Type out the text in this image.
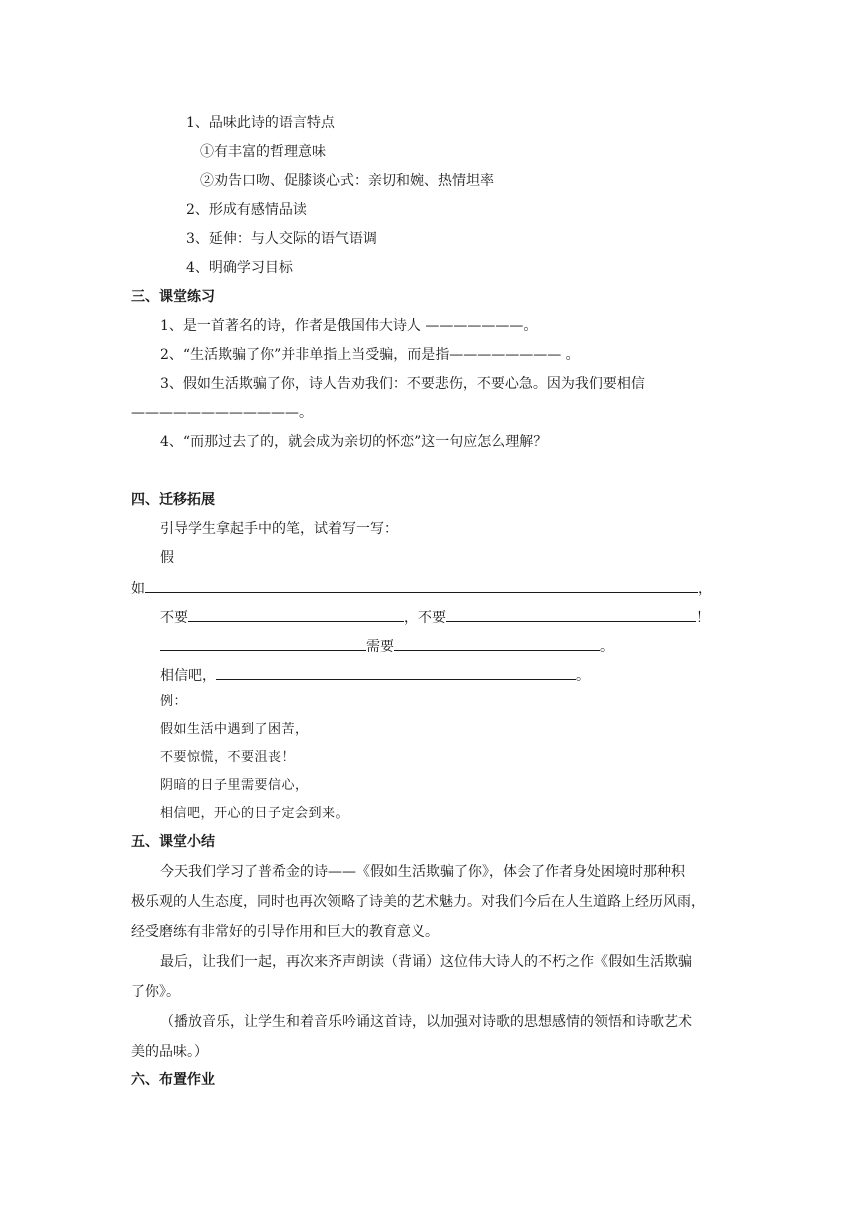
1、品味此诗的语言特点
①有丰富的哲理意味
②劝告口吻、促膝谈心式：亲切和婉、热情坦率
2、形成有感情品读
3、延伸：与人交际的语气语调
4、明确学习目标
三、课堂练习
1、是一首著名的诗，作者是俄国伟大诗人 ———————。
2、“生活欺骗了你”并非单指上当受骗，而是指———————— 。
3、假如生活欺骗了你，诗人告劝我们：不要悲伤，不要心急。因为我们要相信
————————————。
4、“而那过去了的，就会成为亲切的怀恋”这一句应怎么理解？
四、迁移拓展
引导学生拿起手中的笔，试着写一写：
假
如	，
不要	，不要	！
需要	。
相信吧，	。
例：
假如生活中遇到了困苦，
不要惊慌，不要沮丧！
阴暗的日子里需要信心，
相信吧，开心的日子定会到来。
五、课堂小结
今天我们学习了普希金的诗——《假如生活欺骗了你》，体会了作者身处困境时那种积
极乐观的人生态度，同时也再次领略了诗美的艺术魅力。对我们今后在人生道路上经历风雨，
经受磨练有非常好的引导作用和巨大的教育意义。
最后，让我们一起，再次来齐声朗读（背诵）这位伟大诗人的不朽之作《假如生活欺骗
了你》。
（播放音乐，让学生和着音乐吟诵这首诗，以加强对诗歌的思想感情的领悟和诗歌艺术
美的品味。）
六、布置作业
